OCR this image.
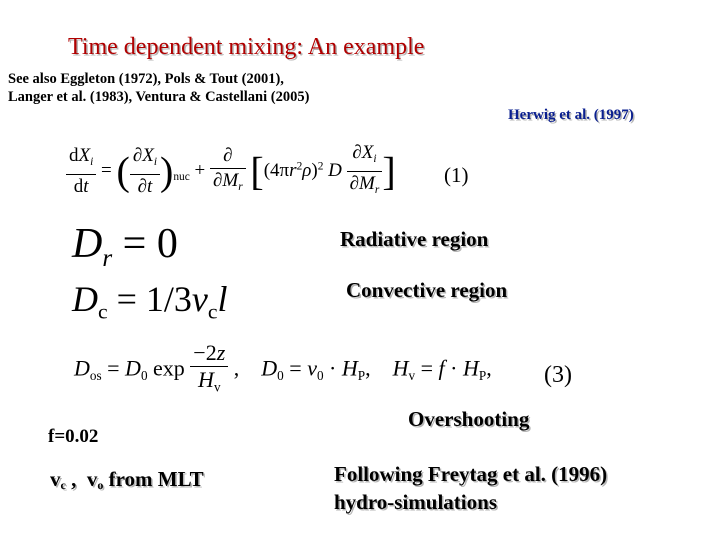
Time dependent mixing: An example
See also Eggleton (1972), Pols & Tout (2001),
Langer et al. (1983), Ventura & Castellani (2005)
Herwig et al. (1997)
$\frac{dX_i}{dt}$ = ( $\frac{\partial X_i}{\partial t} )_{nuc} + \frac{\partial}{\partial M_r} [(4\pi r^2\rho)^2$ D $\frac{\partial X_i}{\partial M_r}$ ] (1)
$D_r = 0$
$D_c = 1/3v_cl$
$D_{os} = D_0$ $\exp \frac{-2z}{H_v}$ ,    $D_0 = v_0 \cdot H_P$,    $H_v = f \cdot H_P$, (3)
Radiative region
Convective region
Overshooting
Following Freytag et al. (1996)
hydro-simulations
f=0.02
vc ,  vo from MLT
